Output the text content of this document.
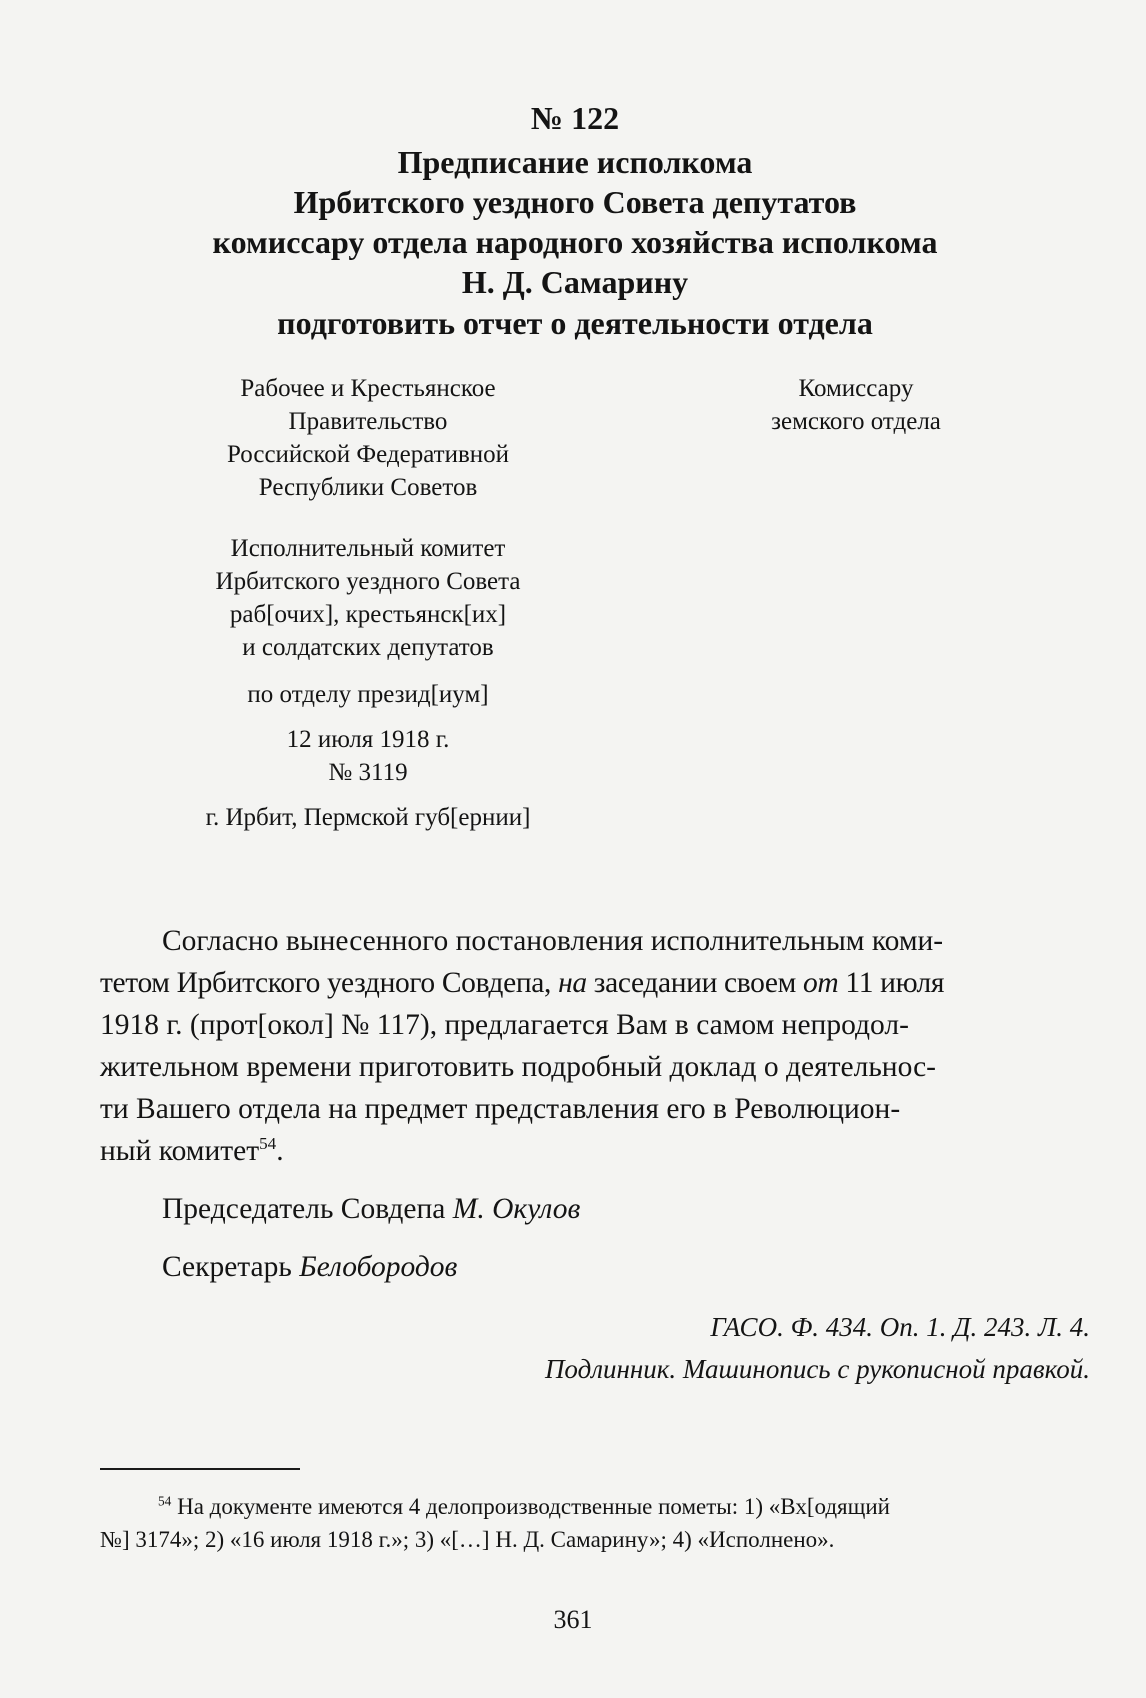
№ 122
Предписание исполкома
Ирбитского уездного Совета депутатов
комиссару отдела народного хозяйства исполкома
Н. Д. Самарину
подготовить отчет о деятельности отдела
Рабочее и Крестьянское
Правительство
Российской Федеративной
Республики Советов
Исполнительный комитет
Ирбитского уездного Совета
раб[очих], крестьянск[их]
и солдатских депутатов
по отделу презид[иум]
12 июля 1918 г.
№ 3119
г. Ирбит, Пермской губ[ернии]
Комиссару
земского отдела
Согласно вынесенного постановления исполнительным коми-
тетом Ирбитского уездного Совдепа, на заседании своем от 11 июля
1918 г. (прот[окол] № 117), предлагается Вам в самом непродол-
жительном времени приготовить подробный доклад о деятельнос-
ти Вашего отдела на предмет представления его в Революцион-
ный комитет$^{54}$.
Председатель Совдепа М. Окулов
Секретарь Белобородов
ГАСО. Ф. 434. Оп. 1. Д. 243. Л. 4.
Подлинник. Машинопись с рукописной правкой.
$^{54}$ На документе имеются 4 делопроизводственные пометы: 1) «Вх[одящий
№] 3174»; 2) «16 июля 1918 г.»; 3) «[…] Н. Д. Самарину»; 4) «Исполнено».
361
